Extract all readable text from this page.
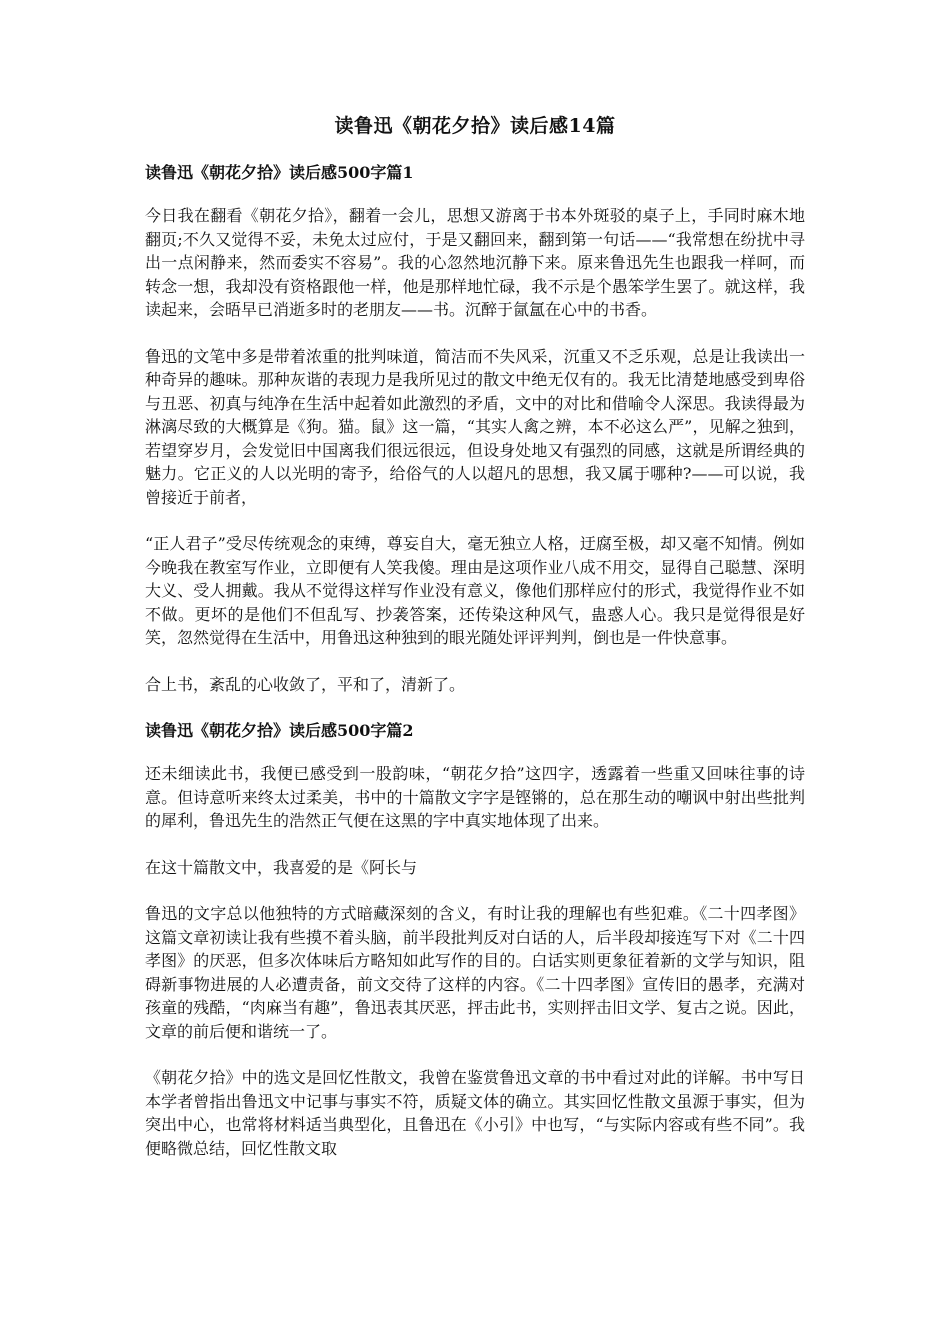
读鲁迅《朝花夕拾》读后感14篇
读鲁迅《朝花夕拾》读后感500字篇1

今日我在翻看《朝花夕拾》，翻着一会儿，思想又游离于书本外斑驳的桌子上，手同时麻木地翻页;不久又觉得不妥，未免太过应付，于是又翻回来，翻到第一句话——“我常想在纷扰中寻出一点闲静来，然而委实不容易”。我的心忽然地沉静下来。原来鲁迅先生也跟我一样呵，而转念一想，我却没有资格跟他一样，他是那样地忙碌，我不示是个愚笨学生罢了。就这样，我读起来，会晤早已消逝多时的老朋友——书。沉醉于氤氲在心中的书香。

鲁迅的文笔中多是带着浓重的批判味道，简洁而不失风采，沉重又不乏乐观，总是让我读出一种奇异的趣味。那种灰谐的表现力是我所见过的散文中绝无仅有的。我无比清楚地感受到卑俗与丑恶、初真与纯净在生活中起着如此激烈的矛盾，文中的对比和借喻令人深思。我读得最为淋漓尽致的大概算是《狗。猫。鼠》这一篇，“其实人禽之辨，本不必这么严”，见解之独到，若望穿岁月，会发觉旧中国离我们很远很远，但设身处地又有强烈的同感，这就是所谓经典的魅力。它正义的人以光明的寄予，给俗气的人以超凡的思想，我又属于哪种?——可以说，我曾接近于前者，

“正人君子”受尽传统观念的束缚，尊妄自大，毫无独立人格，迂腐至极，却又毫不知情。例如今晚我在教室写作业，立即便有人笑我傻。理由是这项作业八成不用交，显得自己聪慧、深明大义、受人拥戴。我从不觉得这样写作业没有意义，像他们那样应付的形式，我觉得作业不如不做。更坏的是他们不但乱写、抄袭答案，还传染这种风气，蛊惑人心。我只是觉得很是好笑，忽然觉得在生活中，用鲁迅这种独到的眼光随处评评判判，倒也是一件快意事。

合上书，紊乱的心收敛了，平和了，清新了。

读鲁迅《朝花夕拾》读后感500字篇2

还未细读此书，我便已感受到一股韵味，“朝花夕拾”这四字，透露着一些重又回味往事的诗意。但诗意听来终太过柔美，书中的十篇散文字字是铿锵的，总在那生动的嘲讽中射出些批判的犀利，鲁迅先生的浩然正气便在这黑的字中真实地体现了出来。

在这十篇散文中，我喜爱的是《阿长与

鲁迅的文字总以他独特的方式暗藏深刻的含义，有时让我的理解也有些犯难。《二十四孝图》这篇文章初读让我有些摸不着头脑，前半段批判反对白话的人，后半段却接连写下对《二十四孝图》的厌恶，但多次体味后方略知如此写作的目的。白话实则更象征着新的文学与知识，阻碍新事物进展的人必遭责备，前文交待了这样的内容。《二十四孝图》宣传旧的愚孝，充满对孩童的残酷，“肉麻当有趣”，鲁迅表其厌恶，抨击此书，实则抨击旧文学、复古之说。因此，文章的前后便和谐统一了。

《朝花夕拾》中的选文是回忆性散文，我曾在鉴赏鲁迅文章的书中看过对此的详解。书中写日本学者曾指出鲁迅文中记事与事实不符，质疑文体的确立。其实回忆性散文虽源于事实，但为突出中心，也常将材料适当典型化，且鲁迅在《小引》中也写，“与实际内容或有些不同”。我便略微总结，回忆性散文取
